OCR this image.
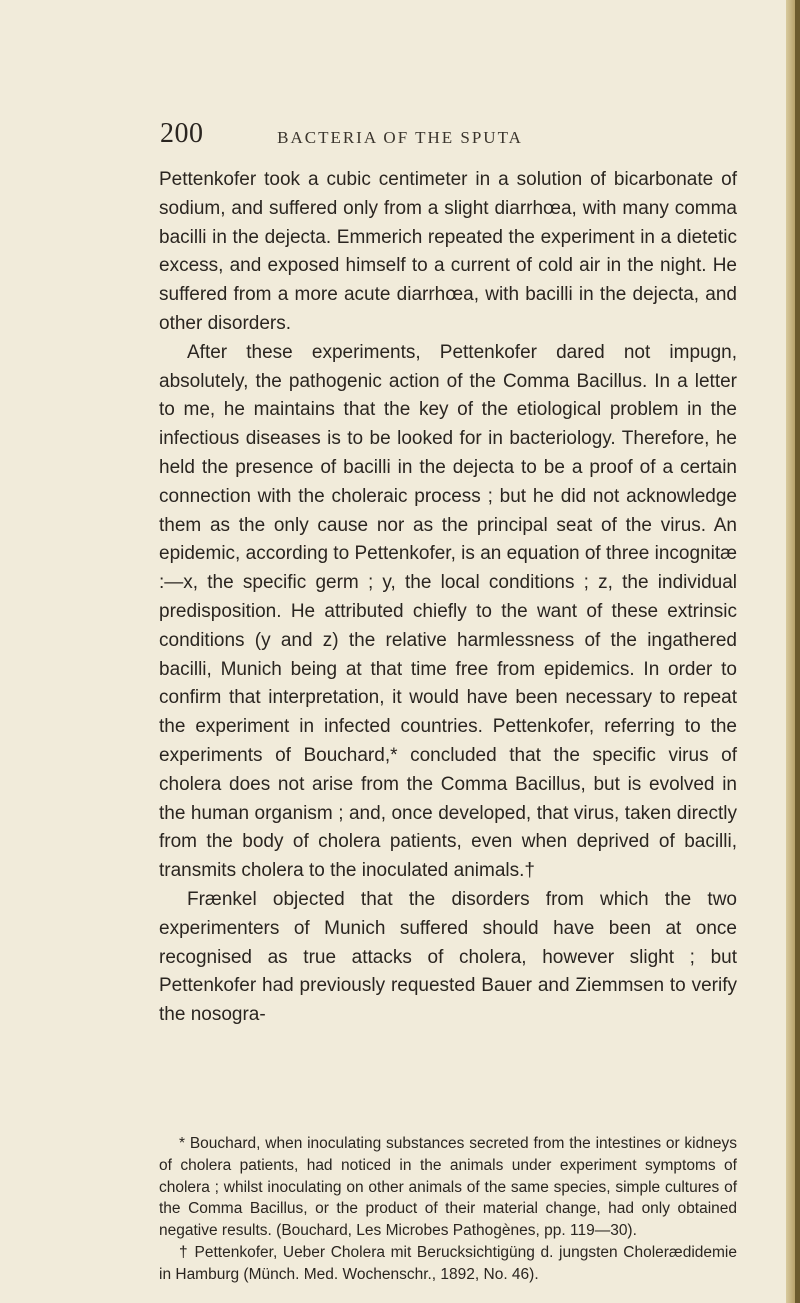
200	BACTERIA OF THE SPUTA

Pettenkofer took a cubic centimeter in a solution of bicarbonate of sodium, and suffered only from a slight diarrhœa, with many comma bacilli in the dejecta. Emmerich repeated the experiment in a dietetic excess, and exposed himself to a current of cold air in the night. He suffered from a more acute diarrhœa, with bacilli in the dejecta, and other disorders.

After these experiments, Pettenkofer dared not impugn, absolutely, the pathogenic action of the Comma Bacillus. In a letter to me, he maintains that the key of the etiological problem in the infectious diseases is to be looked for in bacteriology. Therefore, he held the presence of bacilli in the dejecta to be a proof of a certain connection with the choleraic process ; but he did not acknowledge them as the only cause nor as the principal seat of the virus. An epidemic, according to Pettenkofer, is an equation of three incognitæ :—x, the specific germ ; y, the local conditions ; z, the individual predisposition. He attributed chiefly to the want of these extrinsic conditions (y and z) the relative harmlessness of the ingathered bacilli, Munich being at that time free from epidemics. In order to confirm that interpretation, it would have been necessary to repeat the experiment in infected countries. Pettenkofer, referring to the experiments of Bouchard,* concluded that the specific virus of cholera does not arise from the Comma Bacillus, but is evolved in the human organism ; and, once developed, that virus, taken directly from the body of cholera patients, even when deprived of bacilli, transmits cholera to the inoculated animals.†

Frænkel objected that the disorders from which the two experimenters of Munich suffered should have been at once recognised as true attacks of cholera, however slight ; but Pettenkofer had previously requested Bauer and Ziemmsen to verify the nosogra-

* Bouchard, when inoculating substances secreted from the intestines or kidneys of cholera patients, had noticed in the animals under experiment symptoms of cholera ; whilst inoculating on other animals of the same species, simple cultures of the Comma Bacillus, or the product of their material change, had only obtained negative results. (Bouchard, Les Microbes Pathogènes, pp. 119—30).

† Pettenkofer, Ueber Cholera mit Berucksichtigüng d. jungsten Cholerædidemie in Hamburg (Münch. Med. Wochenschr., 1892, No. 46).
